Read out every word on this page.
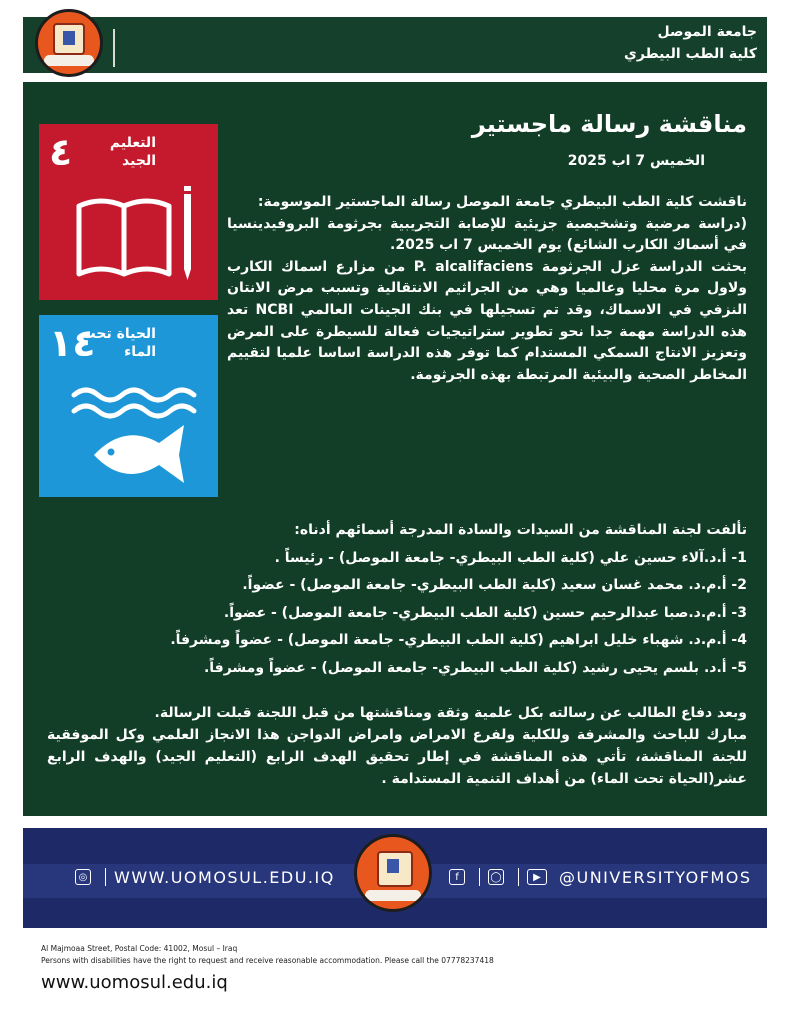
جامعة الموصل
كلية الطب البيطري
٤	التعليم
الجيد
١٤
الحياة تحت
الماء
مناقشة رسالة ماجستير
الخميس 7 اب 2025

ناقشت كلية الطب البيطري جامعة الموصل رسالة الماجستير الموسومة:

(دراسة مرضية وتشخيصية جزيئية للإصابة التجريبية بجرثومة البروفيدينسيا في أسماك الكارب الشائع) يوم الخميس 7 اب 2025.

بحثت الدراسة عزل الجرثومة P. alcalifaciens من مزارع اسماك الكارب ولاول مرة محليا وعالميا وهي من الجراثيم الانتقالية وتسبب مرض الانتان النزفي في الاسماك، وقد تم تسجيلها في بنك الجينات العالمي NCBI تعد هذه الدراسة مهمة جدا نحو تطوير ستراتيجيات فعالة للسيطرة على المرض وتعزيز الانتاج السمكي المستدام كما توفر هذه الدراسة اساسا علميا لتقييم المخاطر الصحية والبيئية المرتبطة بهذه الجرثومة.

تألفت لجنة المناقشة من السيدات والسادة المدرجة أسمائهم أدناه:

1- أ.د.آلاء حسين علي (كلية الطب البيطري- جامعة الموصل) - رئيساً .

2- أ.م.د. محمد غسان سعيد (كلية الطب البيطري- جامعة الموصل) - عضواً.

3- أ.م.د.صبا عبدالرحيم حسين (كلية الطب البيطري- جامعة الموصل) - عضواً.

4- أ.م.د. شهباء خليل ابراهيم (كلية الطب البيطري- جامعة الموصل) - عضواً ومشرفاً.

5- أ.د. بلسم يحيى رشيد (كلية الطب البيطري- جامعة الموصل) - عضواً ومشرفاً.

وبعد دفاع الطالب عن رسالته بكل علمية وثقة ومناقشتها من قبل اللجنة قبلت الرسالة.

مبارك للباحث والمشرفة وللكلية ولفرع الامراض وامراض الدواجن هذا الانجاز العلمي وكل الموفقية للجنة المناقشة، تأتي هذه المناقشة في إطار تحقيق الهدف الرابع (التعليم الجيد) والهدف الرابع عشر(الحياة تحت الماء) من أهداف التنمية المستدامة .

◎ WWW.UOMOSUL.EDU.IQ	f	◯	▶	@UNIVERSITYOFMOS
Al Majmoaa Street, Postal Code: 41002, Mosul – Iraq
Persons with disabilities have the right to request and receive reasonable accommodation. Please call the 07778237418
www.uomosul.edu.iq
